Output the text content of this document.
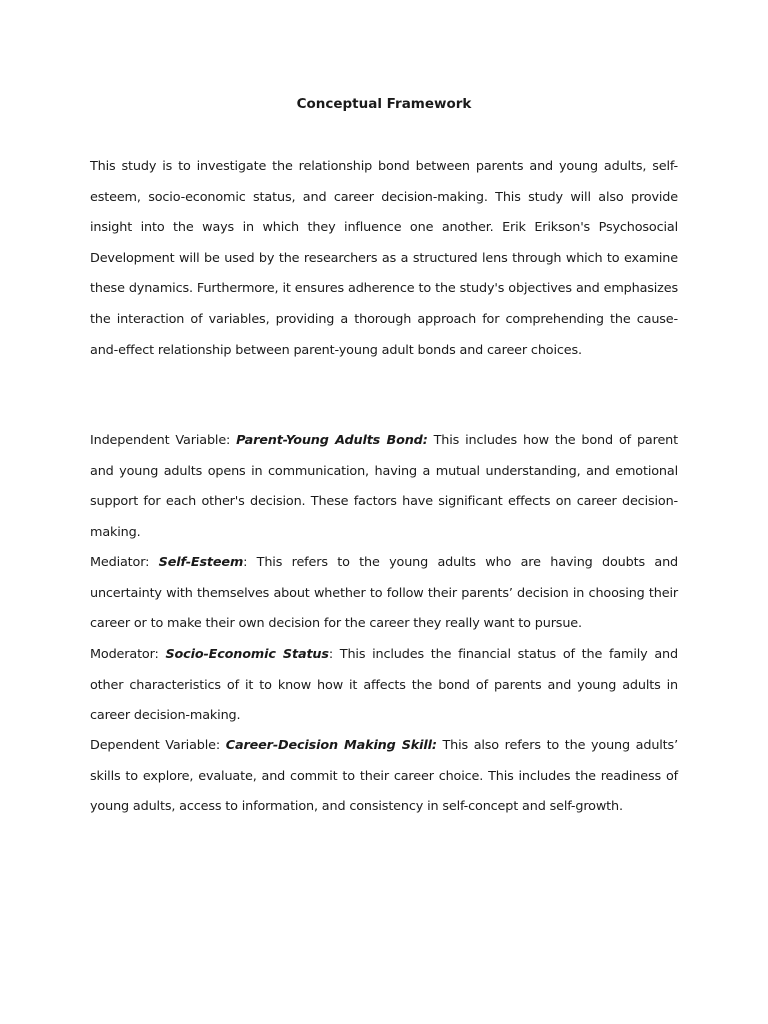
Conceptual Framework

This study is to investigate the relationship bond between parents and young adults, self-esteem, socio-economic status, and career decision-making. This study will also provide insight into the ways in which they influence one another. Erik Erikson's Psychosocial Development will be used by the researchers as a structured lens through which to examine these dynamics. Furthermore, it ensures adherence to the study's objectives and emphasizes the interaction of variables, providing a thorough approach for comprehending the cause-and-effect relationship between parent-young adult bonds and career choices.

Independent Variable: Parent-Young Adults Bond: This includes how the bond of parent and young adults opens in communication, having a mutual understanding, and emotional support for each other's decision. These factors have significant effects on career decision-making.

Mediator: Self-Esteem: This refers to the young adults who are having doubts and uncertainty with themselves about whether to follow their parents’ decision in choosing their career or to make their own decision for the career they really want to pursue.

Moderator: Socio-Economic Status: This includes the financial status of the family and other characteristics of it to know how it affects the bond of parents and young adults in career decision-making.

Dependent Variable: Career-Decision Making Skill: This also refers to the young adults’ skills to explore, evaluate, and commit to their career choice. This includes the readiness of young adults, access to information, and consistency in self-concept and self-growth.
